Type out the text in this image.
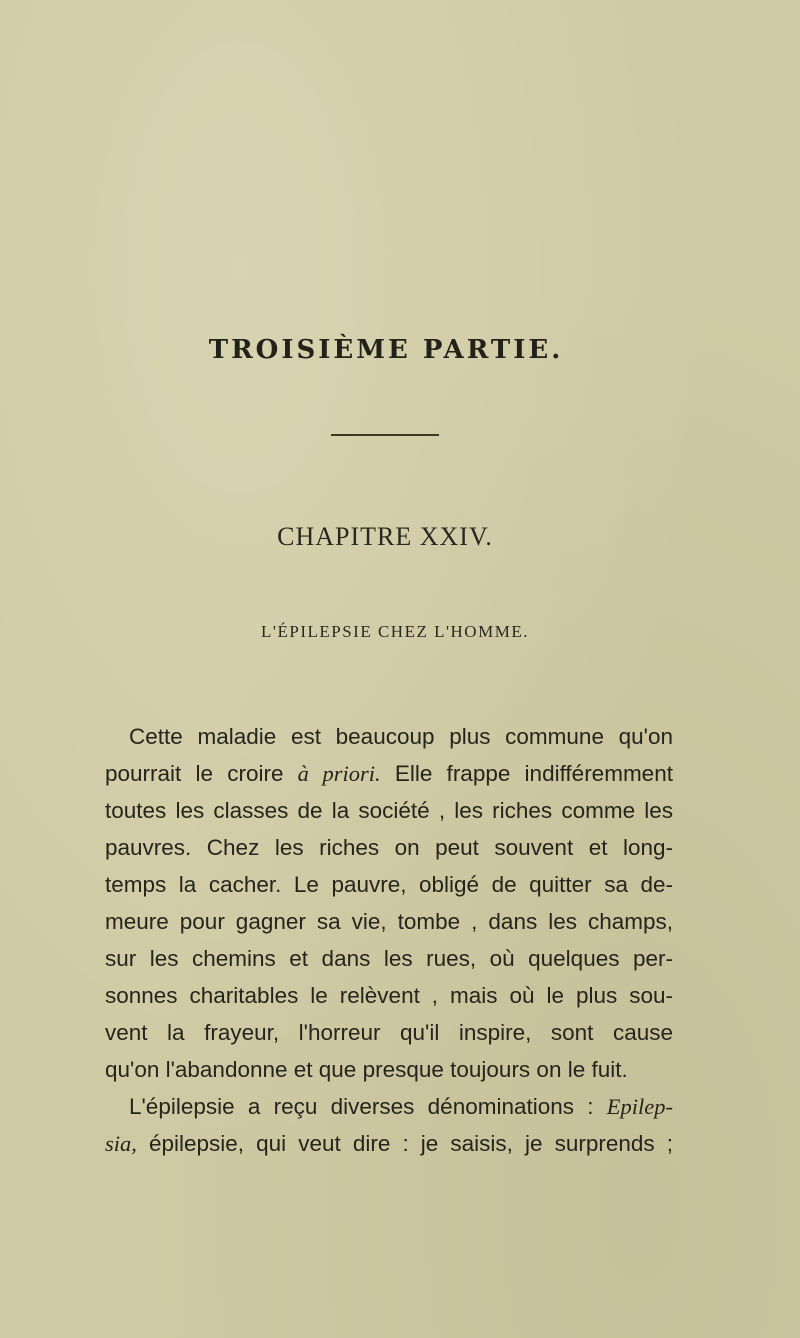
TROISIÈME PARTIE.
CHAPITRE XXIV.
L'ÉPILEPSIE CHEZ L'HOMME.
Cette maladie est beaucoup plus commune qu'on
pourrait le croire à priori. Elle frappe indifféremment
toutes les classes de la société , les riches comme les
pauvres. Chez les riches on peut souvent et long-
temps la cacher. Le pauvre, obligé de quitter sa de-
meure pour gagner sa vie, tombe , dans les champs,
sur les chemins et dans les rues, où quelques per-
sonnes charitables le relèvent , mais où le plus sou-
vent la frayeur, l'horreur qu'il inspire, sont cause
qu'on l'abandonne et que presque toujours on le fuit.
L'épilepsie a reçu diverses dénominations : Epilep-
sia, épilepsie, qui veut dire : je saisis, je surprends ;
